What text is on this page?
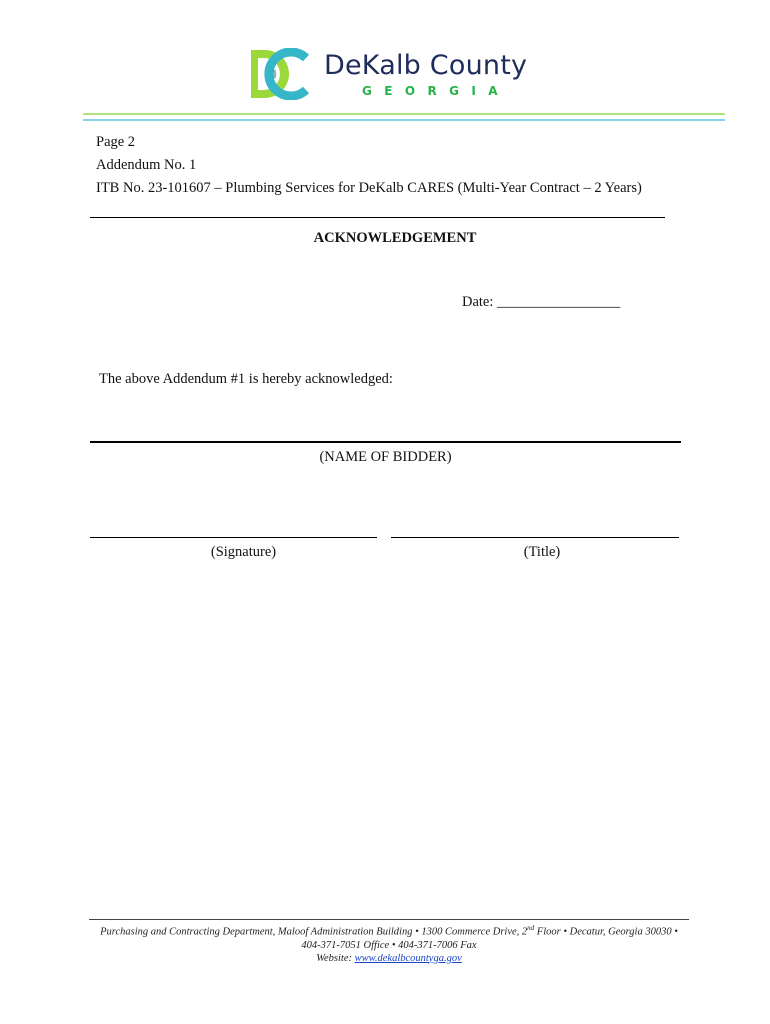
DeKalb County
GEORGIA
Page 2
Addendum No. 1
ITB No. 23-101607 – Plumbing Services for DeKalb CARES (Multi-Year Contract – 2 Years)
ACKNOWLEDGEMENT
Date: _________________
The above Addendum #1 is hereby acknowledged:
(NAME OF BIDDER)
(Signature)	(Title)
Purchasing and Contracting Department, Maloof Administration Building • 1300 Commerce Drive, 2nd Floor • Decatur, Georgia 30030 •
404-371-7051 Office • 404-371-7006 Fax
Website: www.dekalbcountyga.gov
